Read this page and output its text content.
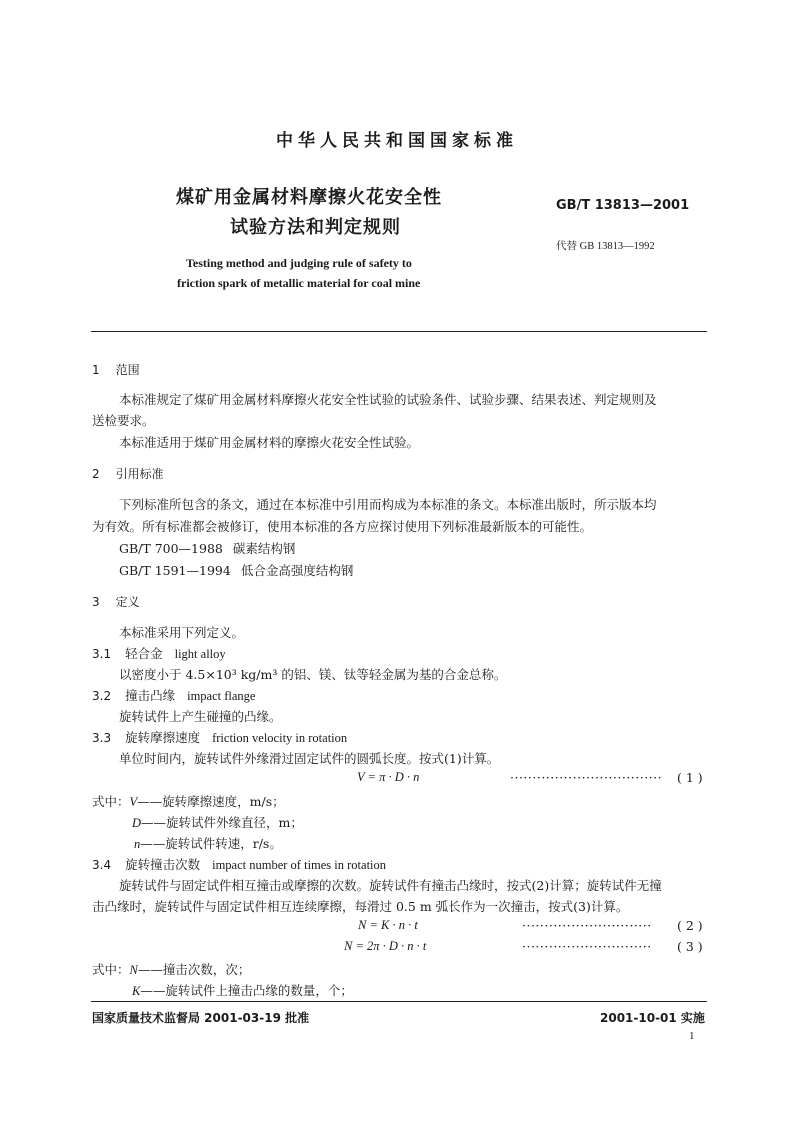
中华人民共和国国家标准
煤矿用金属材料摩擦火花安全性
试验方法和判定规则
Testing method and judging rule of safety to
friction spark of metallic material for coal mine
GB/T 13813—2001
代替 GB 13813—1992
1 范围
本标准规定了煤矿用金属材料摩擦火花安全性试验的试验条件、试验步骤、结果表述、判定规则及
送检要求。
本标准适用于煤矿用金属材料的摩擦火花安全性试验。
2 引用标准
下列标准所包含的条文，通过在本标准中引用而构成为本标准的条文。本标准出版时，所示版本均
为有效。所有标准都会被修订，使用本标准的各方应探讨使用下列标准最新版本的可能性。
GB/T 700—1988 碳素结构钢
GB/T 1591—1994 低合金高强度结构钢
3 定义
本标准采用下列定义。
3.1 轻合金 light alloy
以密度小于 4.5×10³ kg/m³ 的铝、镁、钛等轻金属为基的合金总称。
3.2 撞击凸缘 impact flange
旋转试件上产生碰撞的凸缘。
3.3 旋转摩擦速度 friction velocity in rotation
单位时间内，旋转试件外缘滑过固定试件的圆弧长度。按式(1)计算。
V = π · D · n	·································· ( 1 )
式中：V——旋转摩擦速度，m/s；
D——旋转试件外缘直径，m；
n——旋转试件转速，r/s。
3.4 旋转撞击次数 impact number of times in rotation
旋转试件与固定试件相互撞击或摩擦的次数。旋转试件有撞击凸缘时，按式(2)计算；旋转试件无撞
击凸缘时，旋转试件与固定试件相互连续摩擦，每滑过 0.5 m 弧长作为一次撞击，按式(3)计算。
N = K · n · t	····························· ( 2 )
N = 2π · D · n · t	····························· ( 3 )
式中：N——撞击次数，次；
K——旋转试件上撞击凸缘的数量，个；
国家质量技术监督局 2001-03-19 批准	2001-10-01 实施
1
